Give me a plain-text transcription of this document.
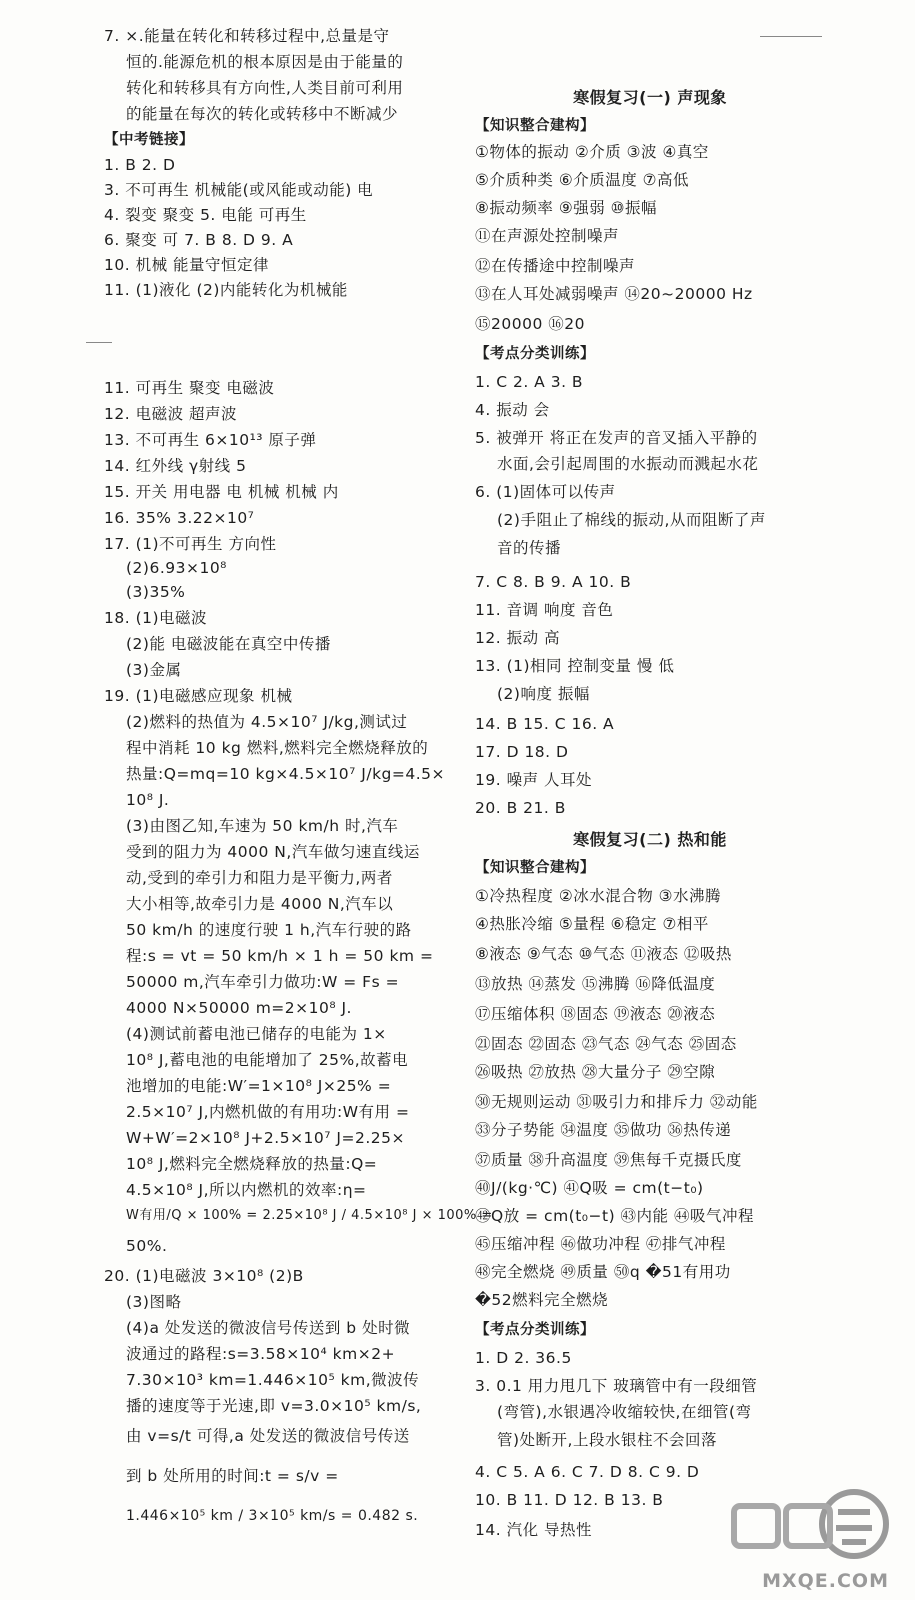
7. ×.能量在转化和转移过程中,总量是守
恒的.能源危机的根本原因是由于能量的
转化和转移具有方向性,人类目前可利用
的能量在每次的转化或转移中不断减少
【中考链接】
1. B 2. D
3. 不可再生 机械能(或风能或动能) 电
4. 裂变 聚变 5. 电能 可再生
6. 聚变 可 7. B 8. D 9. A
10. 机械 能量守恒定律
11. (1)液化 (2)内能转化为机械能
11. 可再生 聚变 电磁波
12. 电磁波 超声波
13. 不可再生 6×10¹³ 原子弹
14. 红外线 γ射线 5
15. 开关 用电器 电 机械 机械 内
16. 35% 3.22×10⁷
17. (1)不可再生 方向性
(2)6.93×10⁸
(3)35%
18. (1)电磁波
(2)能 电磁波能在真空中传播
(3)金属
19. (1)电磁感应现象 机械
(2)燃料的热值为 4.5×10⁷ J/kg,测试过
程中消耗 10 kg 燃料,燃料完全燃烧释放的
热量:Q=mq=10 kg×4.5×10⁷ J/kg=4.5×
10⁸ J.
(3)由图乙知,车速为 50 km/h 时,汽车
受到的阻力为 4000 N,汽车做匀速直线运
动,受到的牵引力和阻力是平衡力,两者
大小相等,故牵引力是 4000 N,汽车以
50 km/h 的速度行驶 1 h,汽车行驶的路
程:s = vt = 50 km/h × 1 h = 50 km =
50000 m,汽车牵引力做功:W = Fs =
4000 N×50000 m=2×10⁸ J.
(4)测试前蓄电池已储存的电能为 1×
10⁸ J,蓄电池的电能增加了 25%,故蓄电
池增加的电能:W′=1×10⁸ J×25% =
2.5×10⁷ J,内燃机做的有用功:W有用 =
W+W′=2×10⁸ J+2.5×10⁷ J=2.25×
10⁸ J,燃料完全燃烧释放的热量:Q=
4.5×10⁸ J,所以内燃机的效率:η=
W有用/Q × 100% = 2.25×10⁸ J / 4.5×10⁸ J × 100% =
50%.
20. (1)电磁波 3×10⁸ (2)B
(3)图略
(4)a 处发送的微波信号传送到 b 处时微
波通过的路程:s=3.58×10⁴ km×2+
7.30×10³ km=1.446×10⁵ km,微波传
播的速度等于光速,即 v=3.0×10⁵ km/s,
由 v=s/t 可得,a 处发送的微波信号传送
到 b 处所用的时间:t = s/v =
1.446×10⁵ km / 3×10⁵ km/s = 0.482 s.
寒假复习(一) 声现象
【知识整合建构】
①物体的振动 ②介质 ③波 ④真空
⑤介质种类 ⑥介质温度 ⑦高低
⑧振动频率 ⑨强弱 ⑩振幅
⑪在声源处控制噪声
⑫在传播途中控制噪声
⑬在人耳处减弱噪声 ⑭20~20000 Hz
⑮20000 ⑯20
【考点分类训练】
1. C 2. A 3. B
4. 振动 会
5. 被弹开 将正在发声的音叉插入平静的
水面,会引起周围的水振动而溅起水花
6. (1)固体可以传声
(2)手阻止了棉线的振动,从而阻断了声
音的传播
7. C 8. B 9. A 10. B
11. 音调 响度 音色
12. 振动 高
13. (1)相同 控制变量 慢 低
(2)响度 振幅
14. B 15. C 16. A
17. D 18. D
19. 噪声 人耳处
20. B 21. B
寒假复习(二) 热和能
【知识整合建构】
①冷热程度 ②冰水混合物 ③水沸腾
④热胀冷缩 ⑤量程 ⑥稳定 ⑦相平
⑧液态 ⑨气态 ⑩气态 ⑪液态 ⑫吸热
⑬放热 ⑭蒸发 ⑮沸腾 ⑯降低温度
⑰压缩体积 ⑱固态 ⑲液态 ⑳液态
㉑固态 ㉒固态 ㉓气态 ㉔气态 ㉕固态
㉖吸热 ㉗放热 ㉘大量分子 ㉙空隙
㉚无规则运动 ㉛吸引力和排斥力 ㉜动能
㉝分子势能 ㉞温度 ㉟做功 ㊱热传递
㊲质量 ㊳升高温度 ㊴焦每千克摄氏度
㊵J/(kg·℃) ㊶Q吸 = cm(t−t₀)
㊷Q放 = cm(t₀−t) ㊸内能 ㊹吸气冲程
㊺压缩冲程 ㊻做功冲程 ㊼排气冲程
㊽完全燃烧 ㊾质量 ㊿q �51有用功
�52燃料完全燃烧
【考点分类训练】
1. D 2. 36.5
3. 0.1 用力甩几下 玻璃管中有一段细管
(弯管),水银遇冷收缩较快,在细管(弯
管)处断开,上段水银柱不会回落
4. C 5. A 6. C 7. D 8. C 9. D
10. B 11. D 12. B 13. B
14. 汽化 导热性
MXQE.COM
